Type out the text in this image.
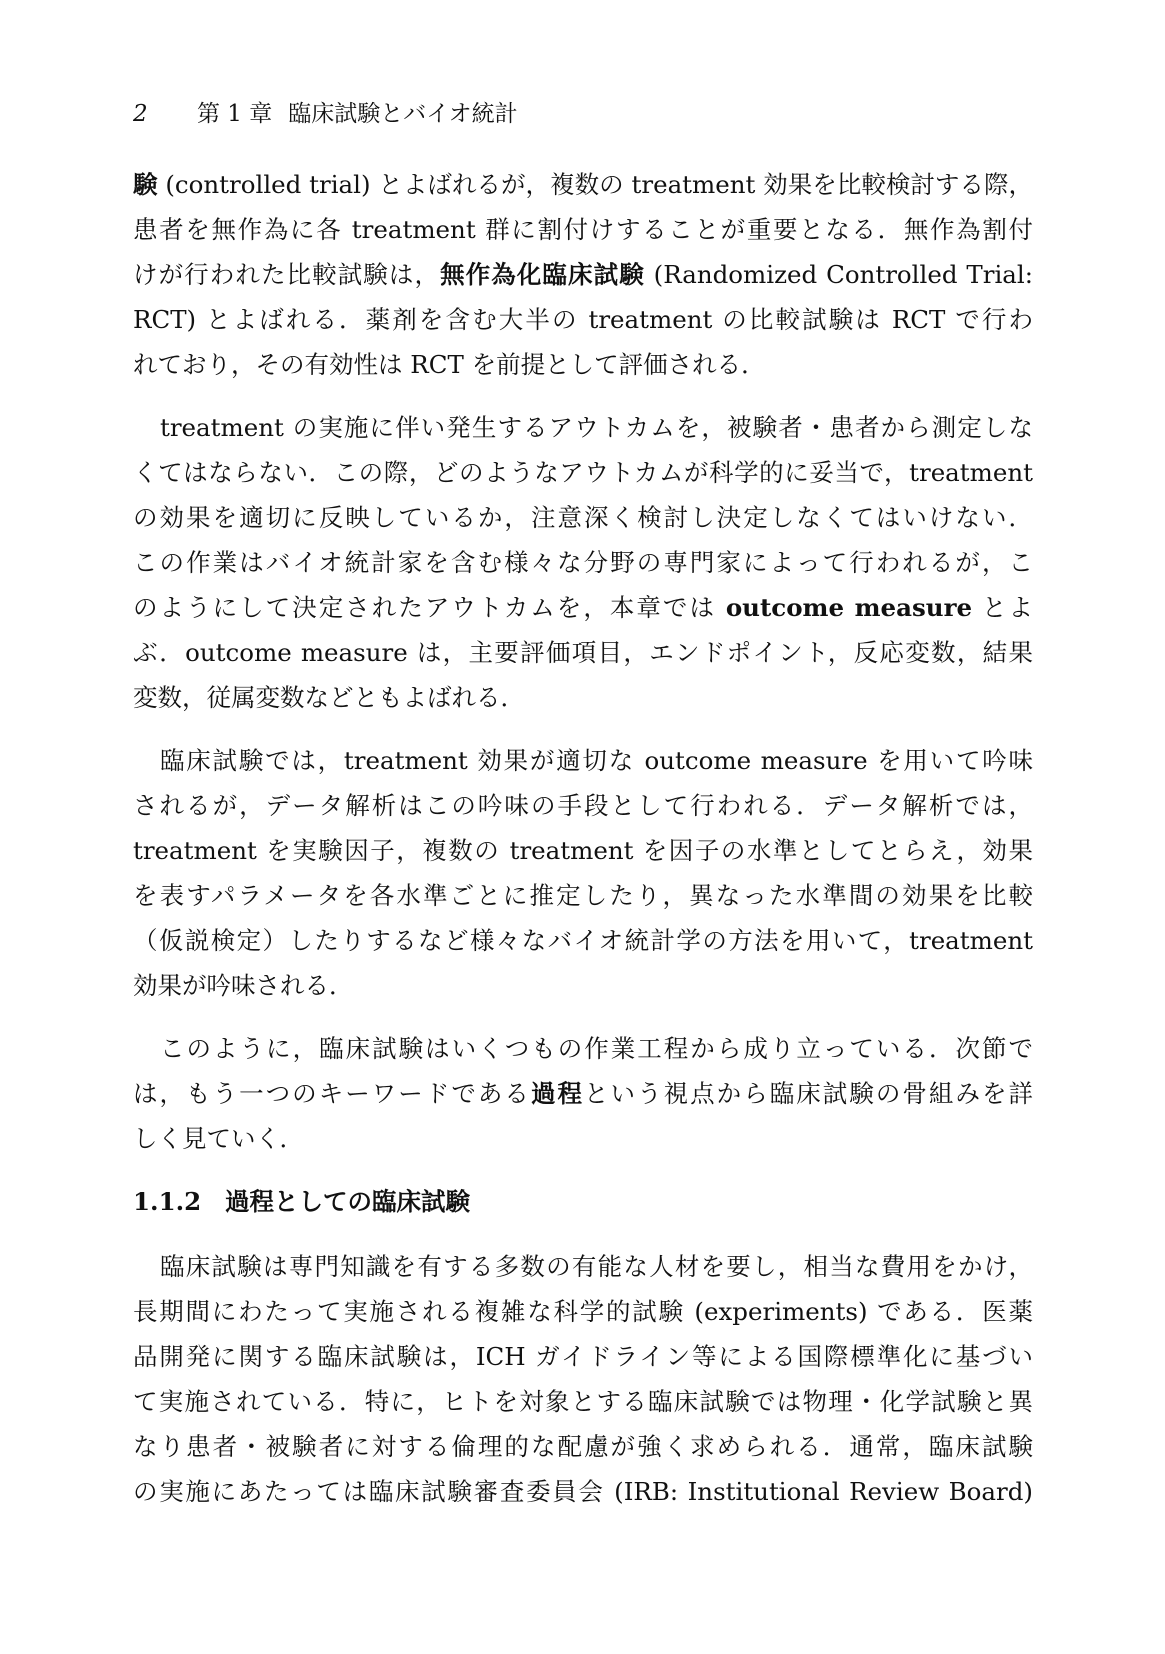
2 第 1 章 臨床試験とバイオ統計
験 (controlled trial) とよばれるが，複数の treatment 効果を比較検討する際，
患者を無作為に各 treatment 群に割付けすることが重要となる．無作為割付
けが行われた比較試験は，無作為化臨床試験 (Randomized Controlled Trial:
RCT) とよばれる．薬剤を含む大半の treatment の比較試験は RCT で行わ
れており，その有効性は RCT を前提として評価される．
treatment の実施に伴い発生するアウトカムを，被験者・患者から測定しな
くてはならない．この際，どのようなアウトカムが科学的に妥当で，treatment
の効果を適切に反映しているか，注意深く検討し決定しなくてはいけない．
この作業はバイオ統計家を含む様々な分野の専門家によって行われるが，こ
のようにして決定されたアウトカムを，本章では outcome measure とよ
ぶ．outcome measure は，主要評価項目，エンドポイント，反応変数，結果
変数，従属変数などともよばれる．
臨床試験では，treatment 効果が適切な outcome measure を用いて吟味
されるが，データ解析はこの吟味の手段として行われる．データ解析では，
treatment を実験因子，複数の treatment を因子の水準としてとらえ，効果
を表すパラメータを各水準ごとに推定したり，異なった水準間の効果を比較
（仮説検定）したりするなど様々なバイオ統計学の方法を用いて，treatment
効果が吟味される．
このように，臨床試験はいくつもの作業工程から成り立っている．次節で
は，もう一つのキーワードである過程という視点から臨床試験の骨組みを詳
しく見ていく．
1.1.2 過程としての臨床試験
臨床試験は専門知識を有する多数の有能な人材を要し，相当な費用をかけ，
長期間にわたって実施される複雑な科学的試験 (experiments) である．医薬
品開発に関する臨床試験は，ICH ガイドライン等による国際標準化に基づい
て実施されている．特に，ヒトを対象とする臨床試験では物理・化学試験と異
なり患者・被験者に対する倫理的な配慮が強く求められる．通常，臨床試験
の実施にあたっては臨床試験審査委員会 (IRB: Institutional Review Board)
